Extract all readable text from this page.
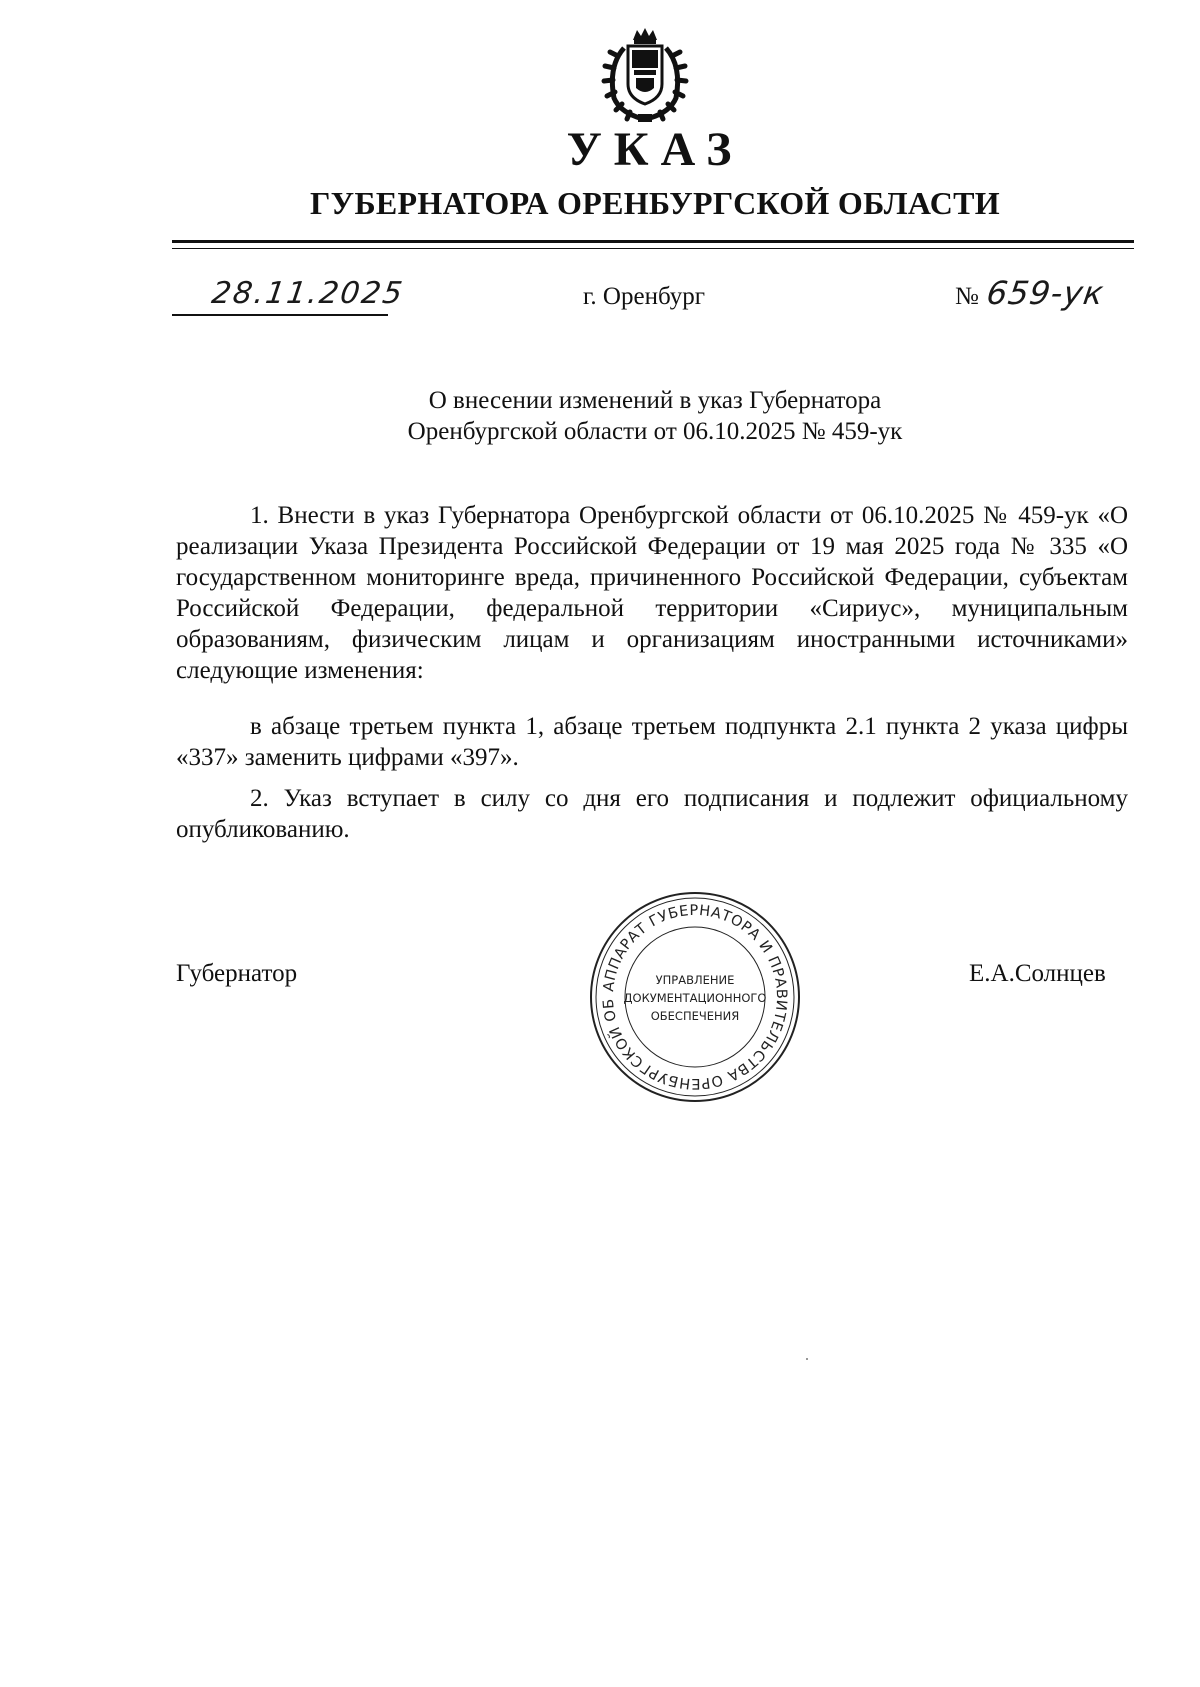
УКАЗ
ГУБЕРНАТОРА ОРЕНБУРГСКОЙ ОБЛАСТИ
28.11.2025	г. Оренбург	№ 659-ук
О внесении изменений в указ Губернатора
Оренбургской области от 06.10.2025 № 459-ук
1. Внести в указ Губернатора Оренбургской области от 06.10.2025 № 459-ук «О реализации Указа Президента Российской Федерации от 19 мая 2025 года № 335 «О государственном мониторинге вреда, причиненного Российской Федерации, субъектам Российской Федерации, федеральной территории «Сириус», муниципальным образованиям, физическим лицам и организациям иностранными источниками» следующие изменения:
в абзаце третьем пункта 1, абзаце третьем подпункта 2.1 пункта 2 указа цифры «337» заменить цифрами «397».
2. Указ вступает в силу со дня его подписания и подлежит официальному опубликованию.
Губернатор	Е.А.Солнцев
АППАРАТ ГУБЕРНАТОРА И ПРАВИТЕЛЬСТВА ОРЕНБУРГСКОЙ ОБ
УПРАВЛЕНИЕ
ДОКУМЕНТАЦИОННОГО
ОБЕСПЕЧЕНИЯ
